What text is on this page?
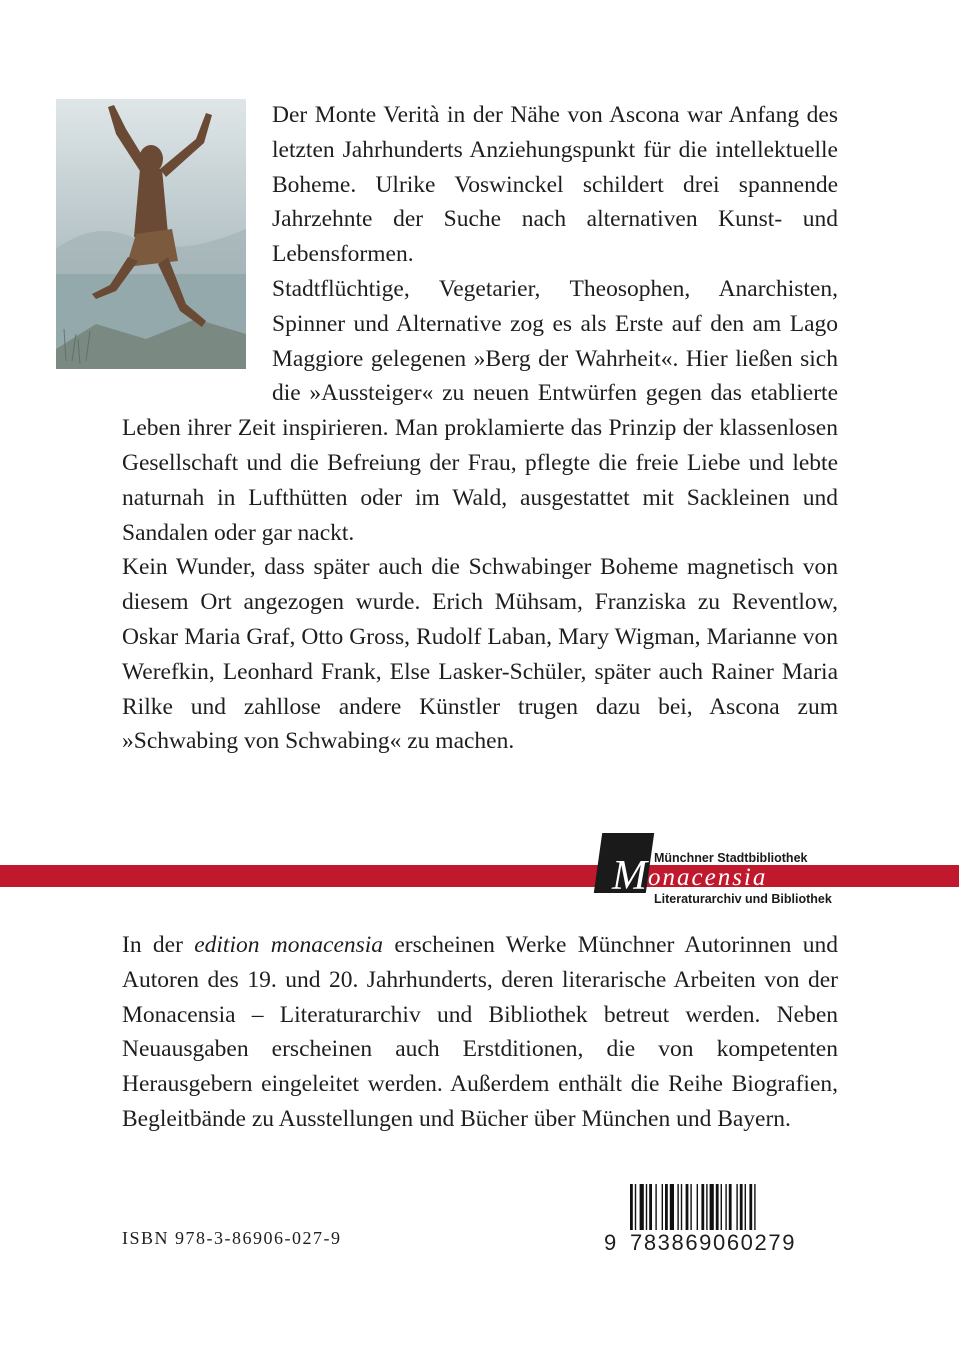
Der Monte Verità in der Nähe von Ascona war Anfang des letzten Jahrhunderts Anziehungspunkt für die intellektuelle Boheme. Ulrike Voswinckel schildert drei spannende Jahrzehnte der Suche nach alternativen Kunst- und Lebensformen.

Stadtflüchtige, Vegetarier, Theosophen, Anarchisten, Spinner und Alternative zog es als Erste auf den am Lago Maggiore gelegenen »Berg der Wahrheit«. Hier ließen sich die »Aussteiger« zu neuen Entwürfen gegen das etablierte Leben ihrer Zeit inspirieren. Man proklamierte das Prinzip der klassenlosen Gesellschaft und die Befreiung der Frau, pflegte die freie Liebe und lebte naturnah in Lufthütten oder im Wald, ausgestattet mit Sackleinen und Sandalen oder gar nackt.

Kein Wunder, dass später auch die Schwabinger Boheme magnetisch von diesem Ort angezogen wurde. Erich Mühsam, Franziska zu Reventlow, Oskar Maria Graf, Otto Gross, Rudolf Laban, Mary Wigman, Marianne von Werefkin, Leonhard Frank, Else Lasker-Schüler, später auch Rainer Maria Rilke und zahllose andere Künstler trugen dazu bei, Ascona zum »Schwabing von Schwabing« zu machen.

M Münchner Stadtbibliothek
onacensia
Literaturarchiv und Bibliothek

In der edition monacensia erscheinen Werke Münchner Autorinnen und Autoren des 19. und 20. Jahrhunderts, deren literarische Arbeiten von der Monacensia – Literaturarchiv und Bibliothek betreut werden. Neben Neuausgaben erscheinen auch Erstditionen, die von kompetenten Herausgebern eingeleitet werden. Außerdem enthält die Reihe Biografien, Begleitbände zu Ausstellungen und Bücher über München und Bayern.

ISBN 978-3-86906-027-9	9 783869060279
